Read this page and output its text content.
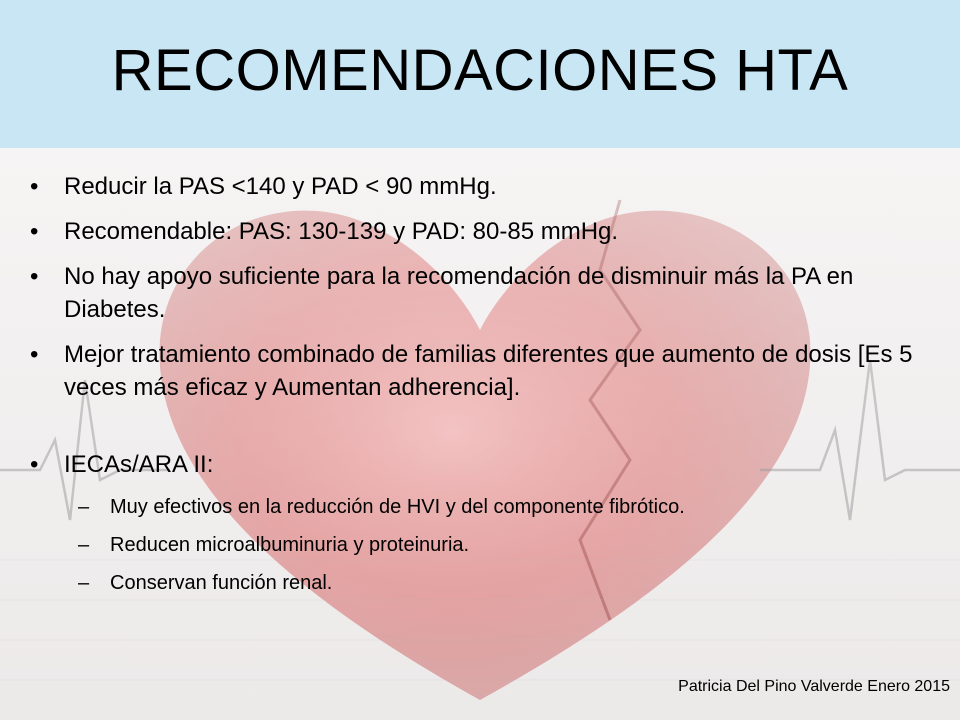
RECOMENDACIONES HTA

• Reducir la PAS <140 y PAD < 90 mmHg.

• Recomendable: PAS: 130-139 y PAD: 80-85 mmHg.

• No hay apoyo suficiente para la recomendación de disminuir más la PA en Diabetes.

• Mejor tratamiento combinado de familias diferentes que aumento de dosis [Es 5 veces más eficaz y Aumentan adherencia].

• IECAs/ARA II:

– Muy efectivos en la reducción de HVI y del componente fibrótico.

– Reducen microalbuminuria y proteinuria.

– Conservan función renal.

Patricia Del Pino Valverde Enero 2015
